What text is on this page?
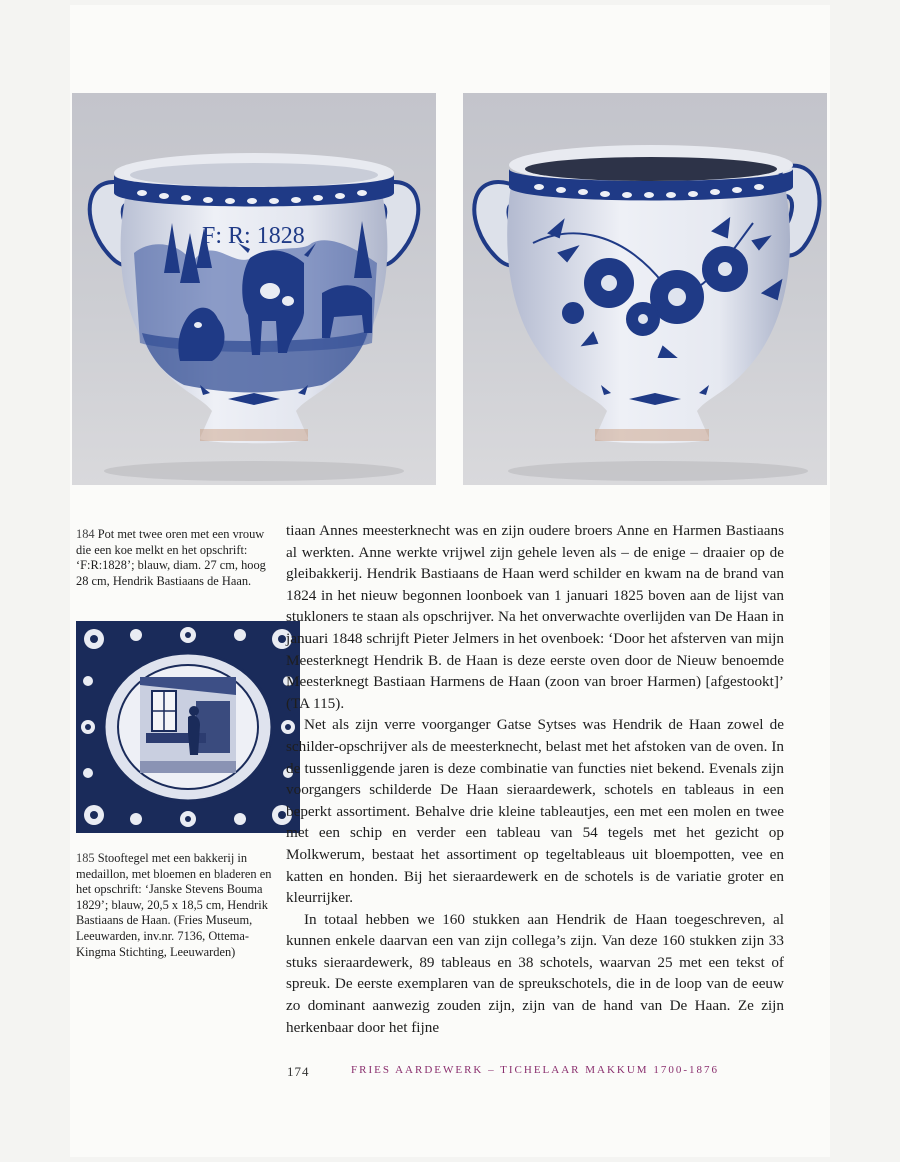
F: R: 1828

184 Pot met twee oren met een vrouw die een koe melkt en het opschrift: ‘F:R:1828’; blauw, diam. 27 cm, hoog 28 cm, Hendrik Bastiaans de Haan.

185 Stooftegel met een bakkerij in medaillon, met bloemen en bladeren en het opschrift: ‘Janske Stevens Bouma 1829’; blauw, 20,5 x 18,5 cm, Hendrik Bastiaans de Haan. (Fries Museum, Leeuwarden, inv.nr. 7136, Ottema-Kingma Stichting, Leeuwarden)

tiaan Annes meesterknecht was en zijn oudere broers Anne en Harmen Bastiaans al werkten. Anne werkte vrijwel zijn gehele leven als – de enige – draaier op de gleibakkerij. Hendrik Bastiaans de Haan werd schilder en kwam na de brand van 1824 in het nieuw begonnen loonboek van 1 januari 1825 boven aan de lijst van stukloners te staan als opschrijver. Na het onverwachte overlijden van De Haan in januari 1848 schrijft Pieter Jelmers in het ovenboek: ‘Door het afsterven van mijn Meesterknegt Hendrik B. de Haan is deze eerste oven door de Nieuw benoemde Meesterknegt Bastiaan Harmens de Haan (zoon van broer Harmen) [afgestookt]’ (TA 115).

Net als zijn verre voorganger Gatse Sytses was Hendrik de Haan zowel de schilder-opschrijver als de meesterknecht, belast met het afstoken van de oven. In de tussenliggende jaren is deze combinatie van functies niet bekend. Evenals zijn voorgangers schilderde De Haan sieraardewerk, schotels en tableaus in een beperkt assortiment. Behalve drie kleine tableautjes, een met een molen en twee met een schip en verder een tableau van 54 tegels met het gezicht op Molkwerum, bestaat het assortiment op tegeltableaus uit bloempotten, vee en katten en honden. Bij het sieraardewerk en de schotels is de variatie groter en kleurrijker.

In totaal hebben we 160 stukken aan Hendrik de Haan toegeschreven, al kunnen enkele daarvan een van zijn collega’s zijn. Van deze 160 stukken zijn 33 stuks sieraardewerk, 89 tableaus en 38 schotels, waarvan 25 met een tekst of spreuk. De eerste exemplaren van de spreukschotels, die in de loop van de eeuw zo dominant aanwezig zouden zijn, zijn van de hand van De Haan. Ze zijn herkenbaar door het fijne

174	FRIES AARDEWERK – TICHELAAR MAKKUM 1700-1876
